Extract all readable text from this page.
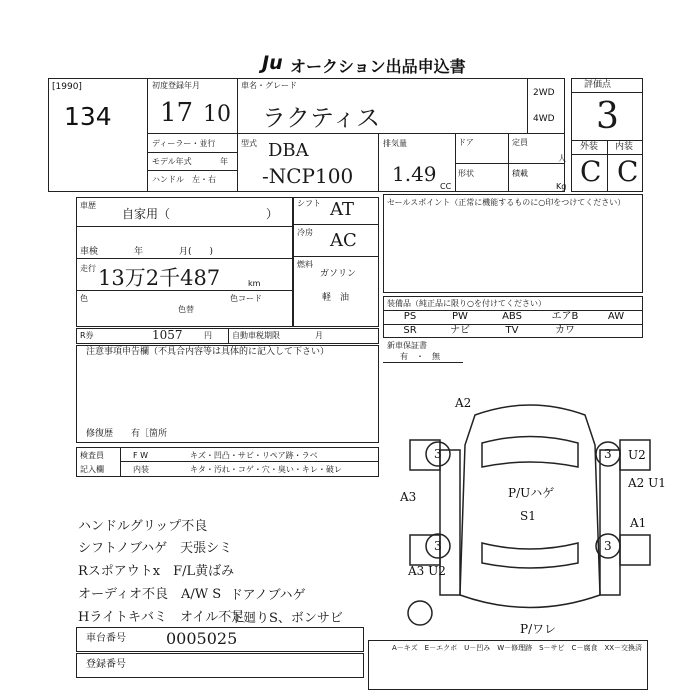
Ju オークション出品申込書
[1990]
134
初度登録年月	車名・グレード
17 10 ラクティス
2WD
4WD
評価点
3
外装 内装
C C
ディーラー・並行
モデル年式
ハンドル　左・右
年
型式 DBA
-NCP100
排気量
1.49
CC
ドア
形状
定員
人
積載
Kg
車歴
自家用（　　　　　　　　）
車検　　　　年　　　　月(　　)
走行 13万2千487	km
色
色替
色コード
シフト AT
冷房 AC
燃料
ガソリン
軽　油
セールスポイント（正常に機能するものに○印をつけてください）
装備品（純正品に限り○を付けてください）
PS	PW	ABS	エアB	AW
SR	ナビ	TV	カワ
R券	1057	円	自動車税期限	月
新車保証書
有　・　無
注意事項申告欄（不具合内容等は具体的に記入して下さい）
修復歴　　有［箇所
検査員
記入欄
F W	キズ・凹凸・サビ・リペア跡・ラベ
内装	キタ・汚れ・コゲ・穴・臭い・キレ・破レ
ハンドルグリップ不良
シフトノブハゲ　天張シミ
Rスポアウトx　F/L黄ばみ
オーディオ不良　A/W S
Hライトキバミ　オイル不足
ドアノブハゲ
下廻りS、ボンサビ
車台番号	0005025
登録番号
A2
U2
A2 U1
A1
A3
A3 U2
P/Uハゲ
S1
P/ワレ
3	3
3	3
A－キズ　E－エクボ　U－凹み　W－修理跡　S－サビ　C－腐食　XX－交換済
